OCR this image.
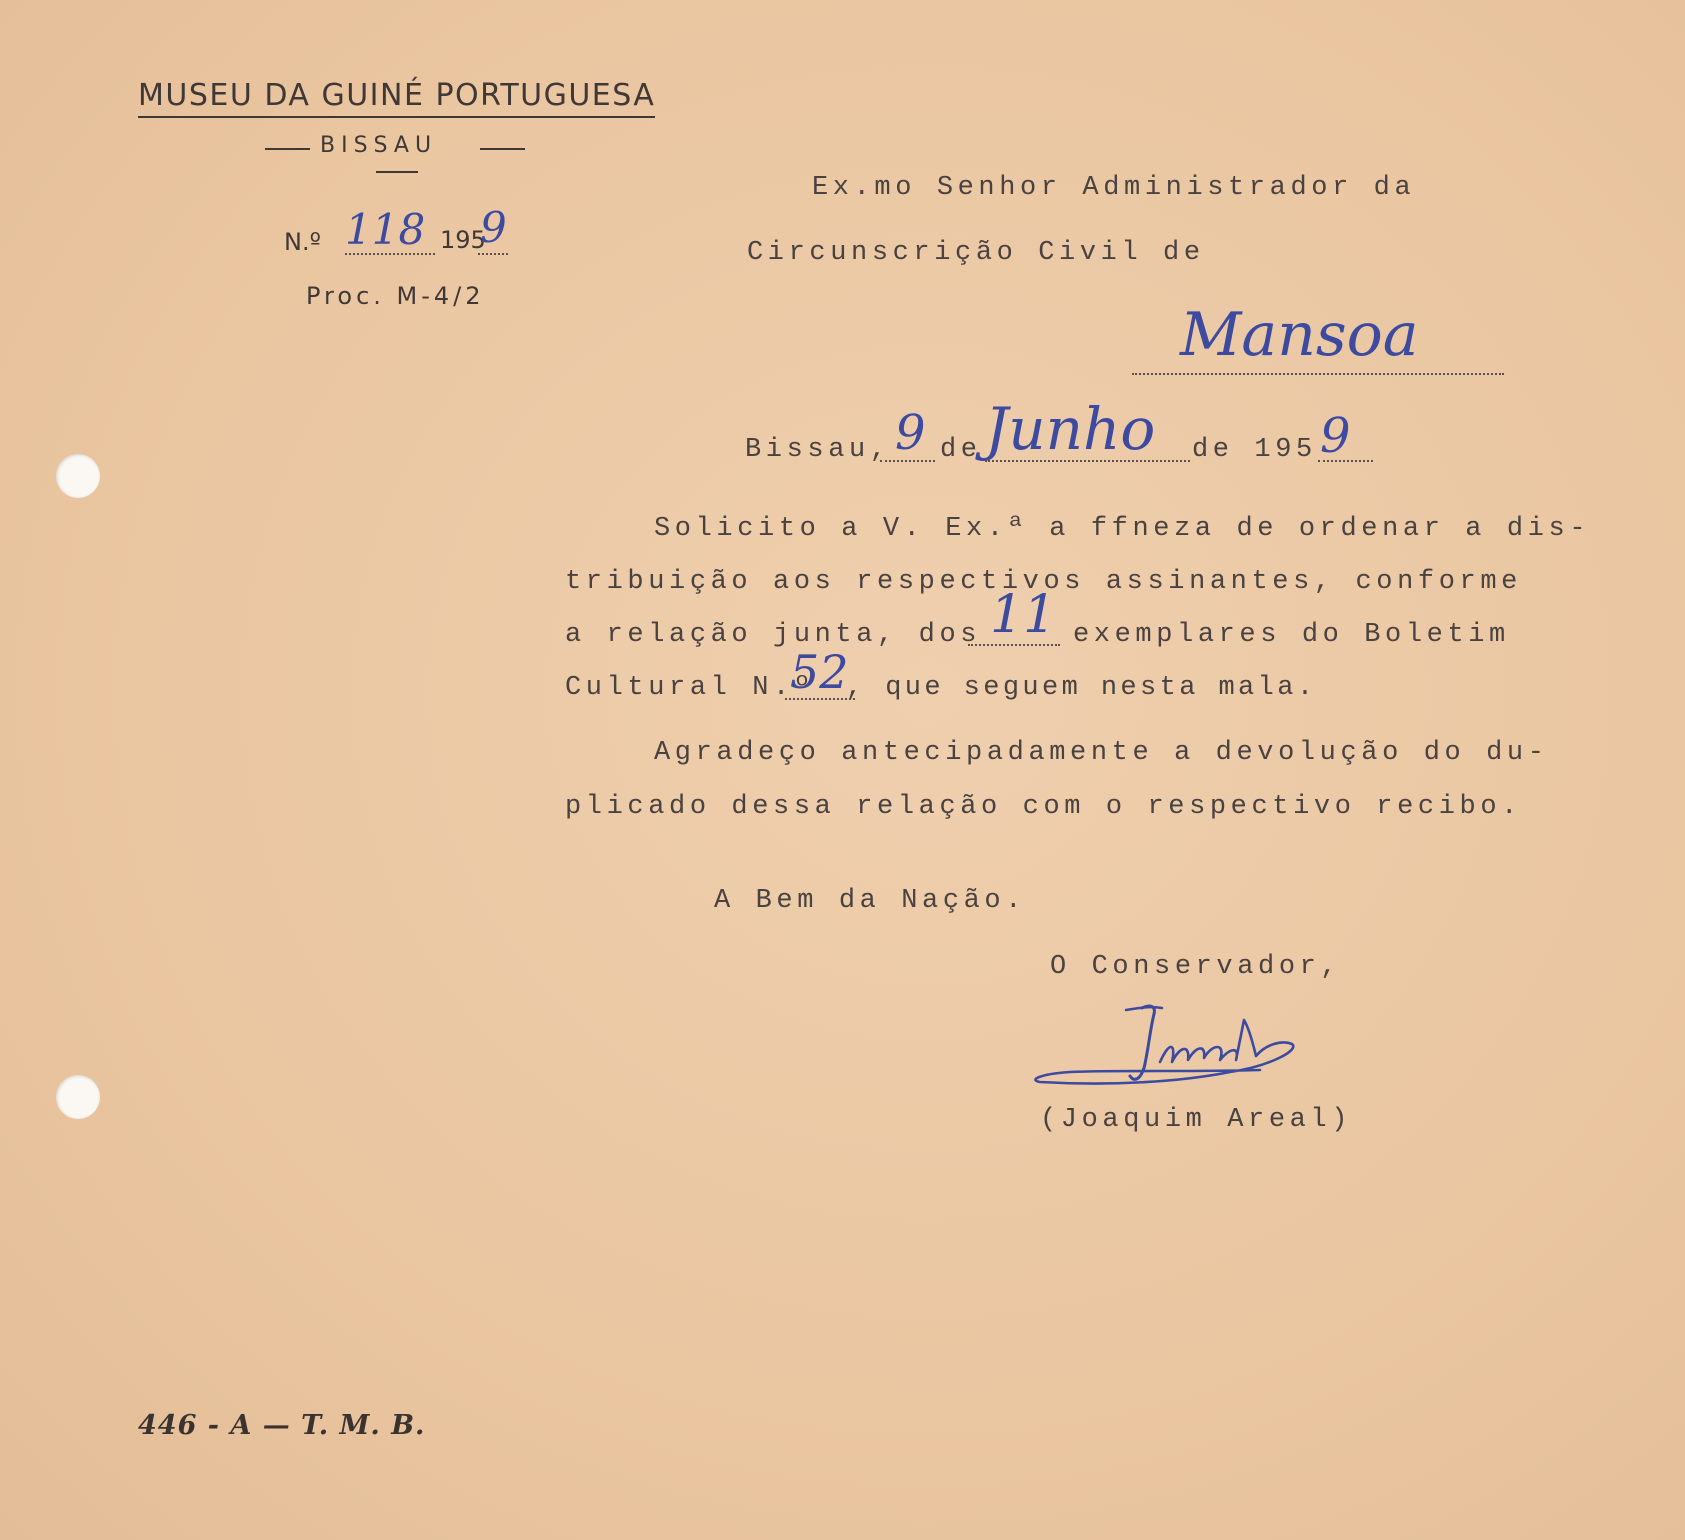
MUSEU DA GUINÉ PORTUGUESA
BISSAU
N.º 118 195
9
Proc. M-4/2
Ex.mo Senhor Administrador da
Circunscrição Civil de
Mansoa
Bissau, 9 de Junho de 195 9
Solicito a V. Ex.ª a ffneza de ordenar a dis-
tribuição aos respectivos assinantes, conforme
a relação junta, dos 11 exemplares do Boletim
Cultural N.º
52
, que seguem nesta mala.
Agradeço antecipadamente a devolução do du-
plicado dessa relação com o respectivo recibo.
A Bem da Nação.
O Conservador,
(Joaquim Areal)
446 - A — T. M. B.
